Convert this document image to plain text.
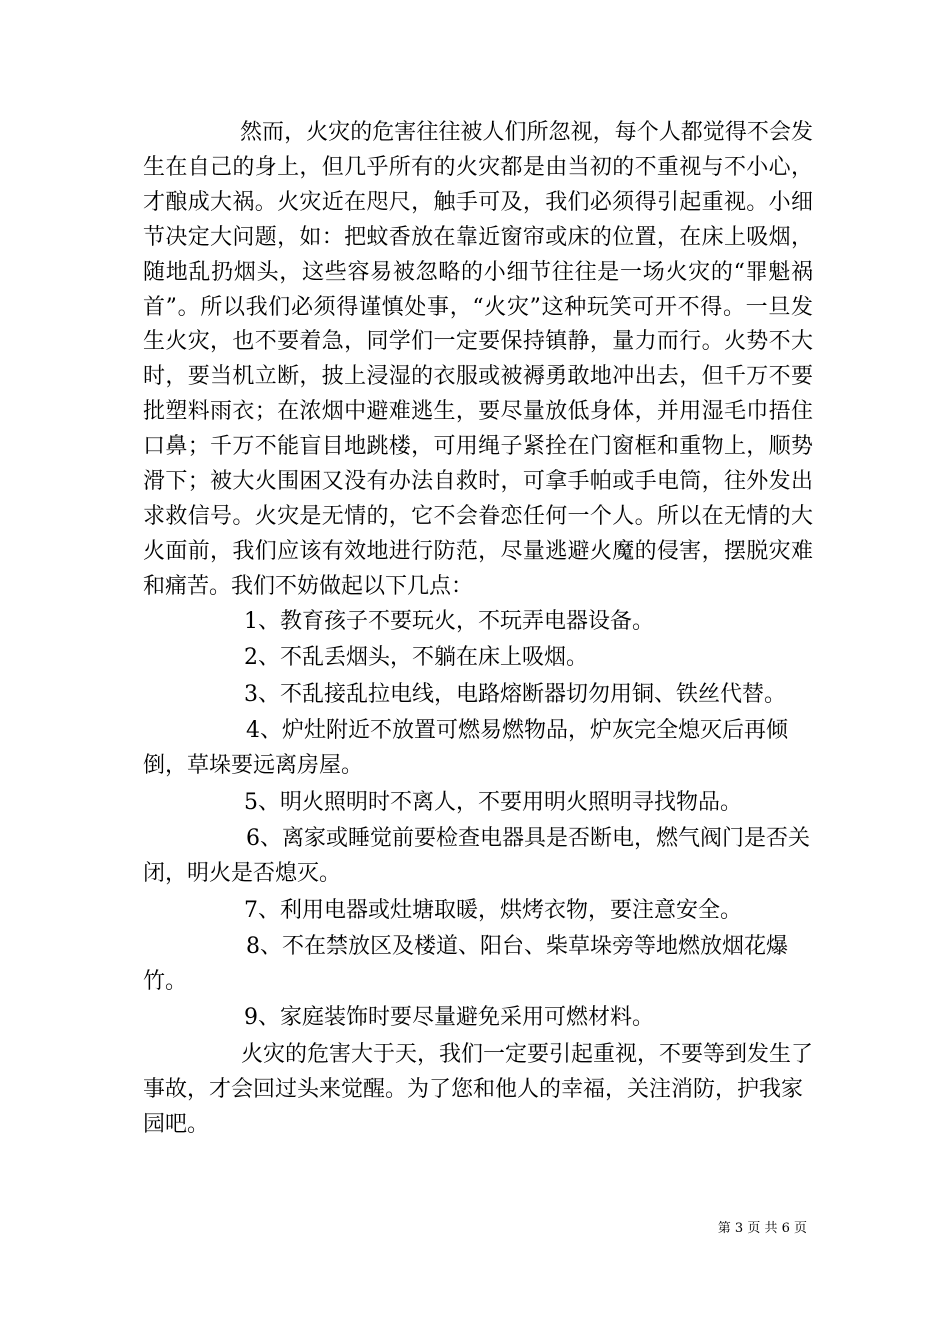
然而，火灾的危害往往被人们所忽视，每个人都觉得不会发生在自己的身上，但几乎所有的火灾都是由当初的不重视与不小心，才酿成大祸。火灾近在咫尺，触手可及，我们必须得引起重视。小细节决定大问题，如：把蚊香放在靠近窗帘或床的位置，在床上吸烟，随地乱扔烟头，这些容易被忽略的小细节往往是一场火灾的“罪魁祸首”。所以我们必须得谨慎处事，“火灾”这种玩笑可开不得。一旦发生火灾，也不要着急，同学们一定要保持镇静，量力而行。火势不大时，要当机立断，披上浸湿的衣服或被褥勇敢地冲出去，但千万不要批塑料雨衣；在浓烟中避难逃生，要尽量放低身体，并用湿毛巾捂住口鼻；千万不能盲目地跳楼，可用绳子紧拴在门窗框和重物上，顺势滑下；被大火围困又没有办法自救时，可拿手帕或手电筒，往外发出求救信号。火灾是无情的，它不会眷恋任何一个人。所以在无情的大火面前，我们应该有效地进行防范，尽量逃避火魔的侵害，摆脱灾难和痛苦。我们不妨做起以下几点：

1、教育孩子不要玩火，不玩弄电器设备。

2、不乱丢烟头，不躺在床上吸烟。

3、不乱接乱拉电线，电路熔断器切勿用铜、铁丝代替。

4、炉灶附近不放置可燃易燃物品，炉灰完全熄灭后再倾倒，草垛要远离房屋。

5、明火照明时不离人，不要用明火照明寻找物品。

6、离家或睡觉前要检查电器具是否断电，燃气阀门是否关闭，明火是否熄灭。

7、利用电器或灶塘取暖，烘烤衣物，要注意安全。

8、不在禁放区及楼道、阳台、柴草垛旁等地燃放烟花爆竹。

9、家庭装饰时要尽量避免采用可燃材料。

火灾的危害大于天，我们一定要引起重视，不要等到发生了事故，才会回过头来觉醒。为了您和他人的幸福，关注消防，护我家园吧。

第 3 页 共 6 页
